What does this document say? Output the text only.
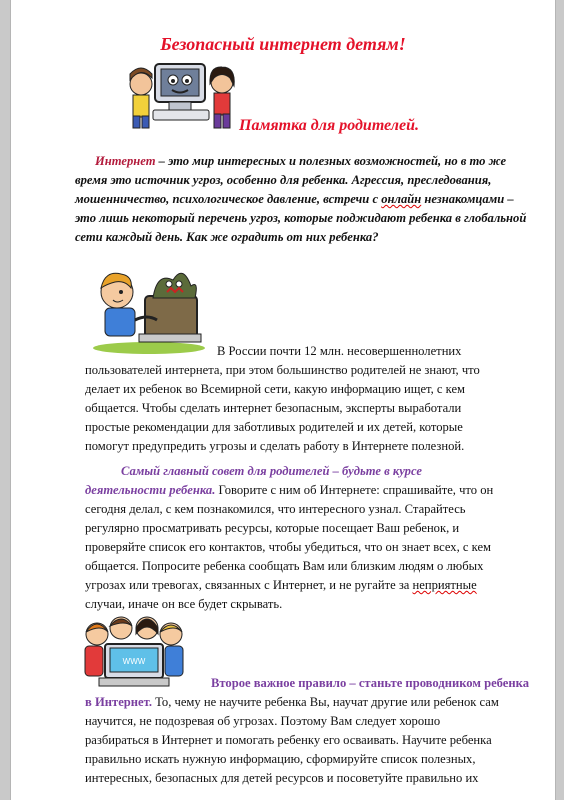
Безопасный интернет детям!
Памятка для родителей.
Интернет – это мир интересных и полезных возможностей, но в то же время это источник угроз, особенно для ребенка. Агрессия, преследования, мошенничество, психологическое давление, встречи с онлайн незнакомцами – это лишь некоторый перечень угроз, которые поджидают ребенка в глобальной сети каждый день. Как же оградить от них ребенка?
В России почти 12 млн. несовершеннолетних
пользователей интернета, при этом большинство родителей не знают, что
делает их ребенок во Всемирной сети, какую информацию ищет, с кем
общается. Чтобы сделать интернет безопасным, эксперты выработали
простые рекомендации для заботливых родителей и их детей, которые
помогут предупредить угрозы и сделать работу в Интернете полезной.
Самый главный совет для родителей – будьте в курсе
деятельности ребенка. Говорите с ним об Интернете: спрашивайте, что он
сегодня делал, с кем познакомился, что интересного узнал. Старайтесь
регулярно просматривать ресурсы, которые посещает Ваш ребенок, и
проверяйте список его контактов, чтобы убедиться, что он знает всех, с кем
общается. Попросите ребенка сообщать Вам или близким людям о любых
угрозах или тревогах, связанных с Интернет, и не ругайте за неприятные
случаи, иначе он все будет скрывать.
WWW
Второе важное правило – станьте проводником ребенка
в Интернет. То, чему не научите ребенка Вы, научат другие или ребенок сам
научится, не подозревая об угрозах. Поэтому Вам следует хорошо
разбираться в Интернет и помогать ребенку его осваивать. Научите ребенка
правильно искать нужную информацию, сформируйте список полезных,
интересных, безопасных для детей ресурсов и посоветуйте правильно их
